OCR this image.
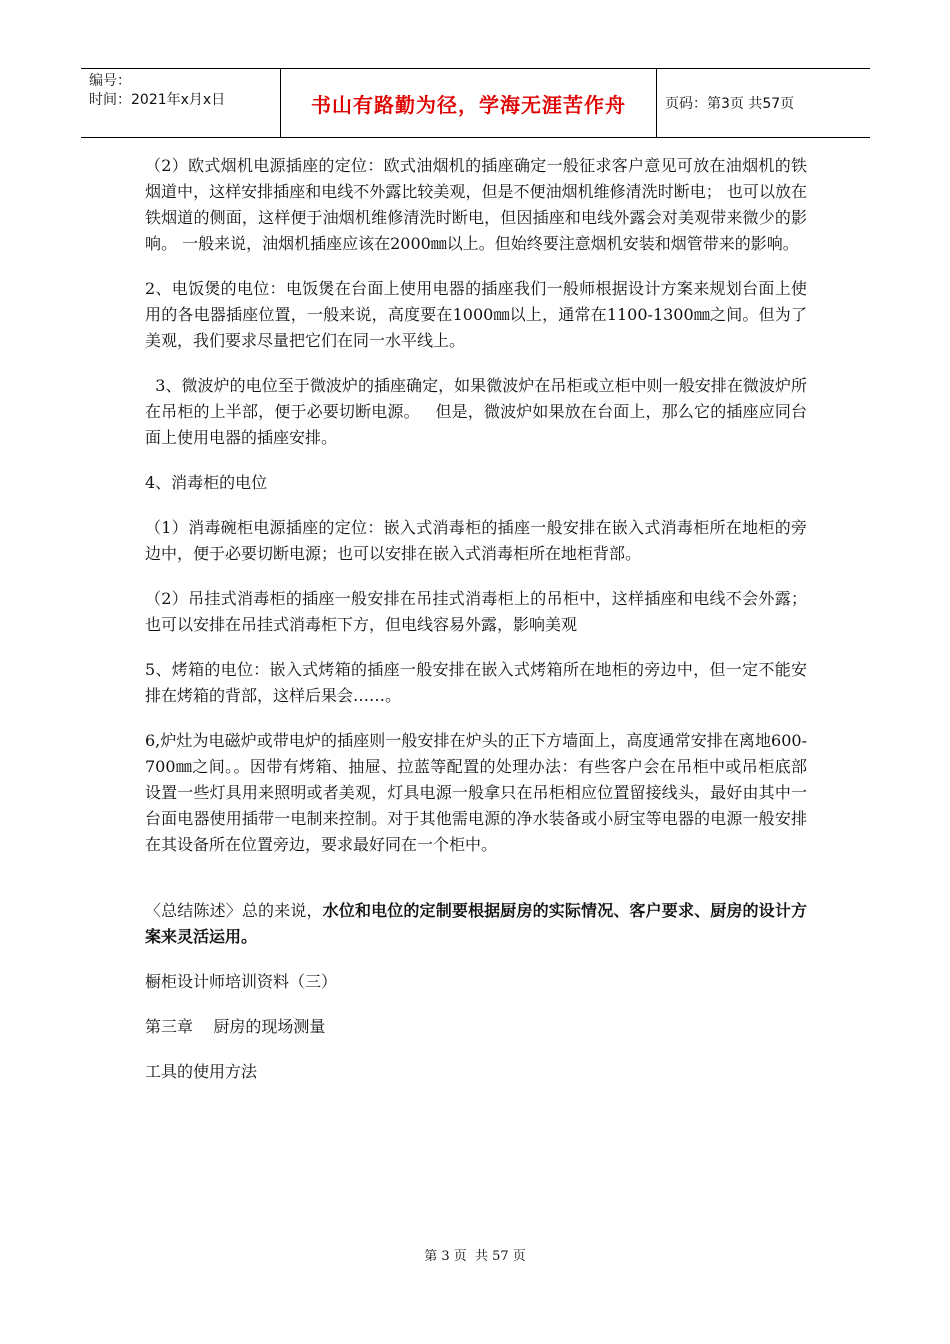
编号：
时间：2021年x月x日	书山有路勤为径，学海无涯苦作舟	页码：第3页 共57页

（2）欧式烟机电源插座的定位：欧式油烟机的插座确定一般征求客户意见可放在油烟机的铁烟道中，这样安排插座和电线不外露比较美观，但是不便油烟机维修清洗时断电； 也可以放在铁烟道的侧面，这样便于油烟机维修清洗时断电，但因插座和电线外露会对美观带来微少的影响。 一般来说，油烟机插座应该在2000㎜以上。但始终要注意烟机安装和烟管带来的影响。

2、电饭煲的电位：电饭煲在台面上使用电器的插座我们一般师根据设计方案来规划台面上使用的各电器插座位置，一般来说，高度要在1000㎜以上，通常在1100-1300㎜之间。但为了美观，我们要求尽量把它们在同一水平线上。

3、微波炉的电位至于微波炉的插座确定，如果微波炉在吊柜或立柜中则一般安排在微波炉所在吊柜的上半部，便于必要切断电源。   但是，微波炉如果放在台面上，那么它的插座应同台面上使用电器的插座安排。

4、消毒柜的电位

（1）消毒碗柜电源插座的定位：嵌入式消毒柜的插座一般安排在嵌入式消毒柜所在地柜的旁边中，便于必要切断电源；也可以安排在嵌入式消毒柜所在地柜背部。

（2）吊挂式消毒柜的插座一般安排在吊挂式消毒柜上的吊柜中，这样插座和电线不会外露；也可以安排在吊挂式消毒柜下方，但电线容易外露，影响美观

5、烤箱的电位：嵌入式烤箱的插座一般安排在嵌入式烤箱所在地柜的旁边中，但一定不能安排在烤箱的背部，这样后果会……。

6,炉灶为电磁炉或带电炉的插座则一般安排在炉头的正下方墙面上，高度通常安排在离地600-700㎜之间。。因带有烤箱、抽屉、拉蓝等配置的处理办法：有些客户会在吊柜中或吊柜底部设置一些灯具用来照明或者美观，灯具电源一般拿只在吊柜相应位置留接线头，最好由其中一台面电器使用插带一电制来控制。对于其他需电源的净水装备或小厨宝等电器的电源一般安排在其设备所在位置旁边，要求最好同在一个柜中。

〈总结陈述〉总的来说，水位和电位的定制要根据厨房的实际情况、客户要求、厨房的设计方案来灵活运用。

橱柜设计师培训资料（三）

第三章    厨房的现场测量

工具的使用方法

第 3 页 共 57 页
